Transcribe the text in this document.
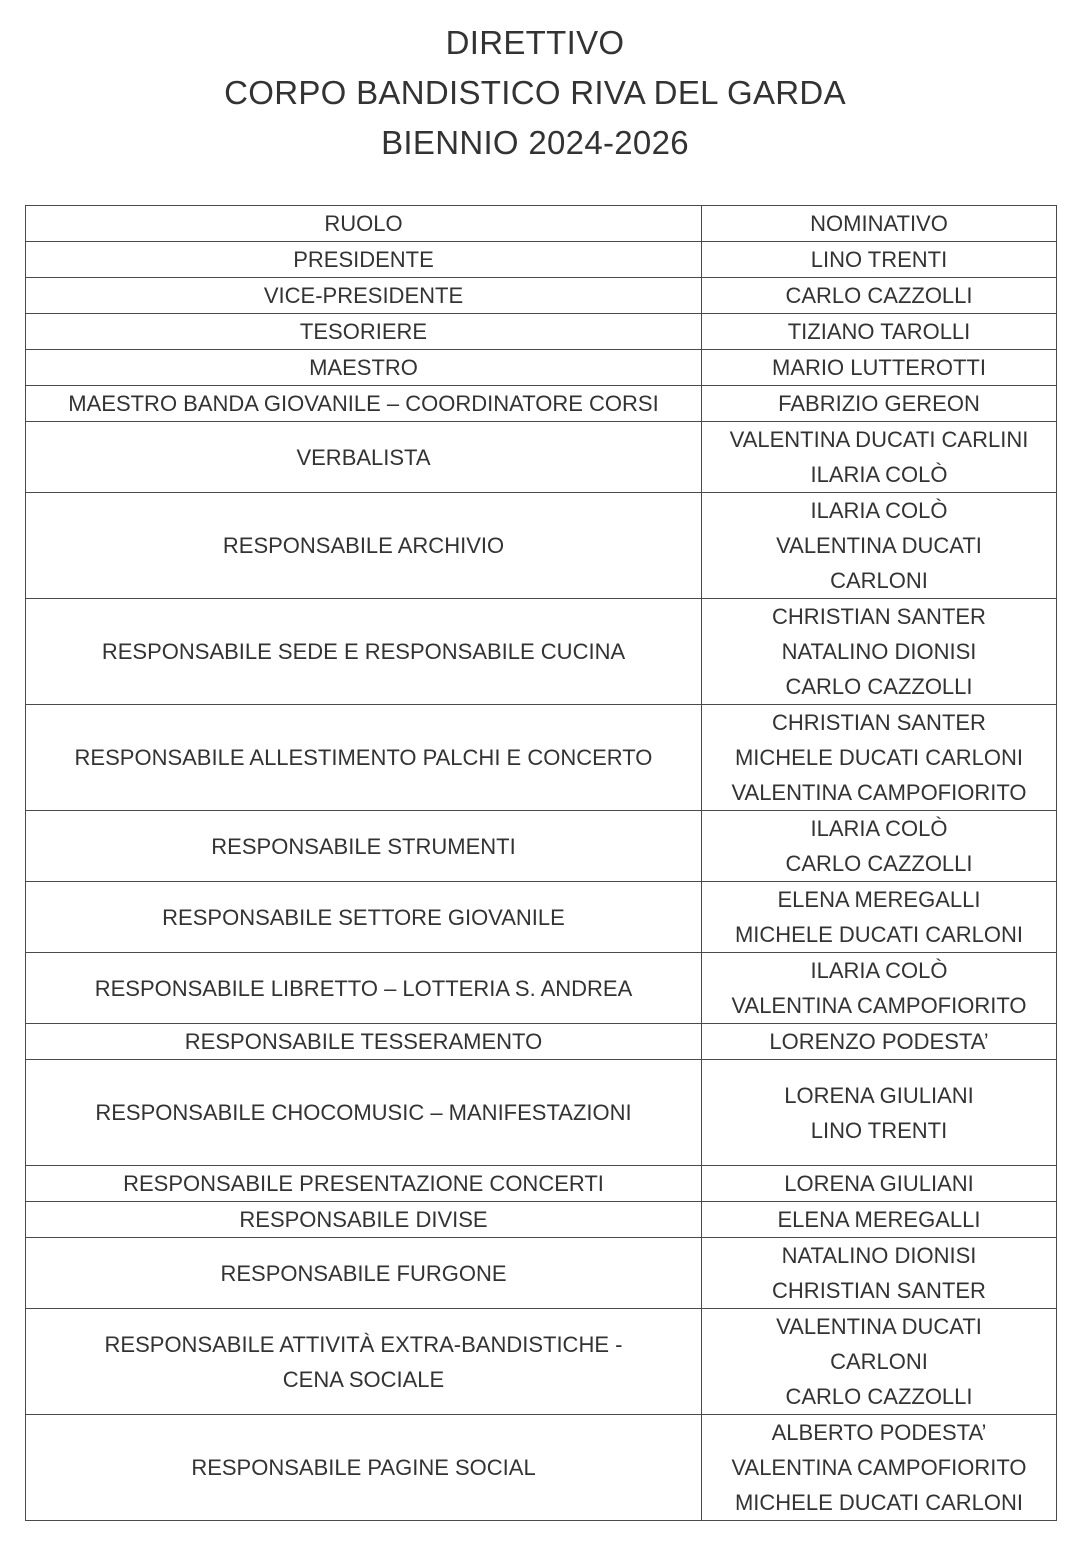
DIRETTIVO
CORPO BANDISTICO RIVA DEL GARDA
BIENNIO 2024-2026
RUOLO	NOMINATIVO

PRESIDENTE	LINO TRENTI

VICE-PRESIDENTE	CARLO CAZZOLLI

TESORIERE	TIZIANO TAROLLI

MAESTRO	MARIO LUTTEROTTI

MAESTRO BANDA GIOVANILE – COORDINATORE CORSI	FABRIZIO GEREON

VERBALISTA	VALENTINA DUCATI CARLINI
ILARIA COLÒ

RESPONSABILE ARCHIVIO	ILARIA COLÒ
VALENTINA DUCATI
CARLONI

RESPONSABILE SEDE E RESPONSABILE CUCINA	CHRISTIAN SANTER
NATALINO DIONISI
CARLO CAZZOLLI

RESPONSABILE ALLESTIMENTO PALCHI E CONCERTO	CHRISTIAN SANTER
MICHELE DUCATI CARLONI
VALENTINA CAMPOFIORITO

RESPONSABILE STRUMENTI	ILARIA COLÒ
CARLO CAZZOLLI

RESPONSABILE SETTORE GIOVANILE	ELENA MEREGALLI
MICHELE DUCATI CARLONI

RESPONSABILE LIBRETTO – LOTTERIA S. ANDREA	ILARIA COLÒ
VALENTINA CAMPOFIORITO

RESPONSABILE TESSERAMENTO	LORENZO PODESTA’

RESPONSABILE CHOCOMUSIC – MANIFESTAZIONI	LORENA GIULIANI
LINO TRENTI

RESPONSABILE PRESENTAZIONE CONCERTI	LORENA GIULIANI

RESPONSABILE DIVISE	ELENA MEREGALLI

RESPONSABILE FURGONE	NATALINO DIONISI
CHRISTIAN SANTER

RESPONSABILE ATTIVITÀ EXTRA-BANDISTICHE - CENA SOCIALE	VALENTINA DUCATI
CARLONI
CARLO CAZZOLLI

RESPONSABILE PAGINE SOCIAL	ALBERTO PODESTA’
VALENTINA CAMPOFIORITO
MICHELE DUCATI CARLONI
